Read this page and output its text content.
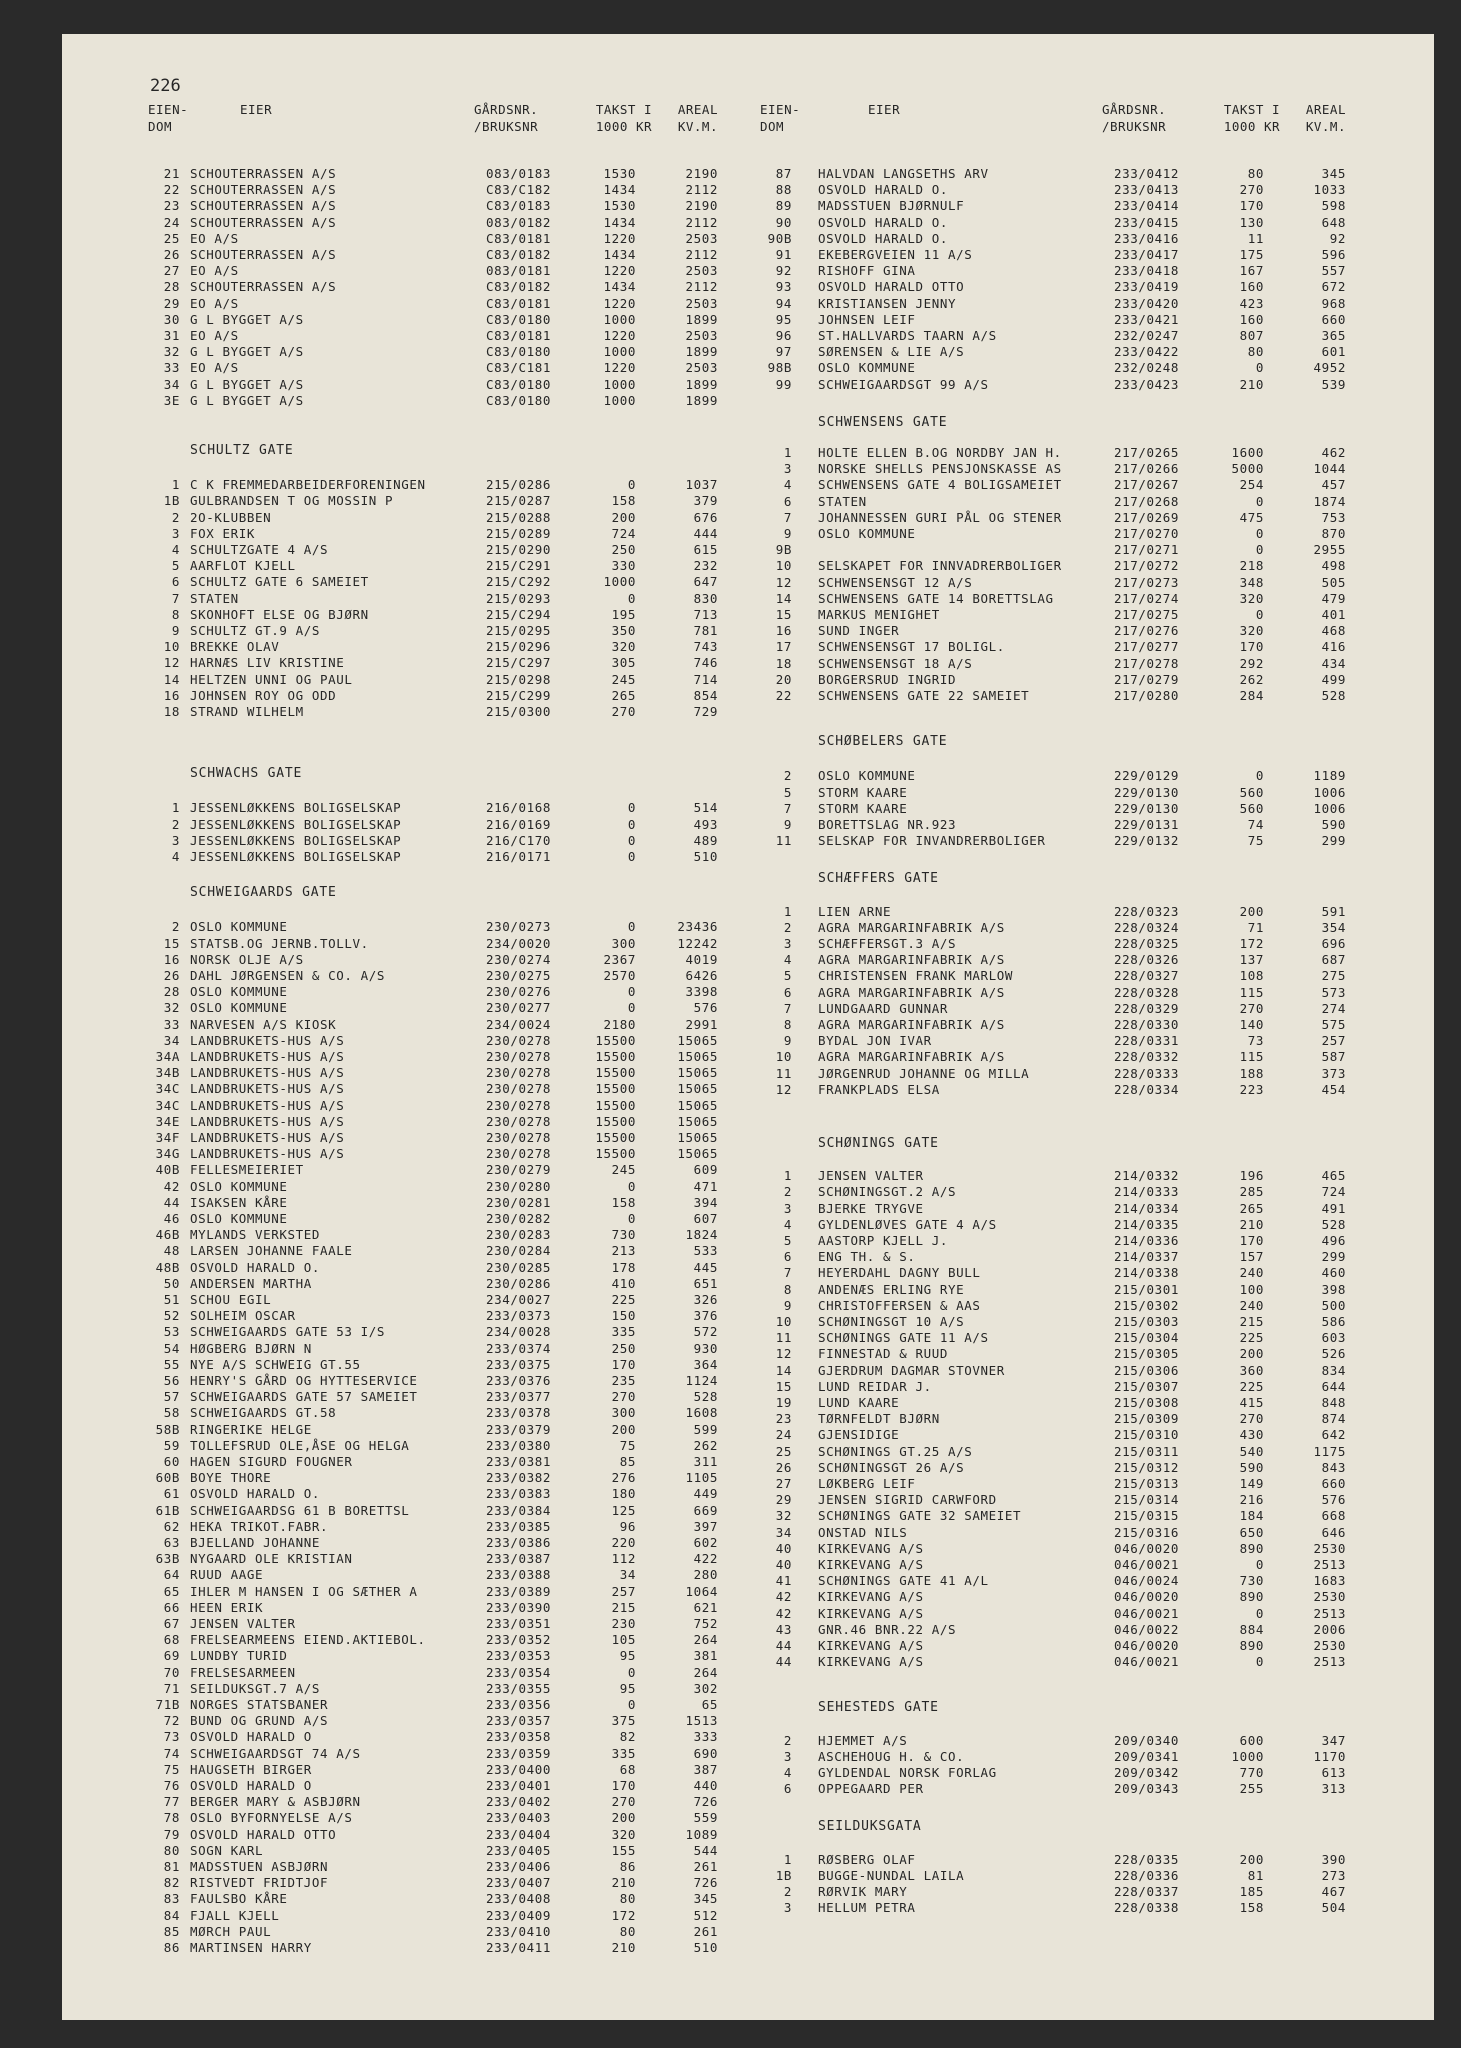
226
EIEN-
DOM
EIER	GÅRDSNR.
/BRUKSNR
TAKST I
1000 KR
AREAL
KV.M.
EIEN-
DOM
EIER	GÅRDSNR.
/BRUKSNR
TAKST I
1000 KR
AREAL
KV.M.
21 SCHOUTERRASSEN A/S	083/0183	1530	2190
22 SCHOUTERRASSEN A/S	C83/C182	1434	2112
23 SCHOUTERRASSEN A/S	C83/0183	1530	2190
24 SCHOUTERRASSEN A/S	083/0182	1434	2112
25 EO A/S	C83/0181	1220	2503
26 SCHOUTERRASSEN A/S	C83/0182	1434	2112
27 EO A/S	083/0181	1220	2503
28 SCHOUTERRASSEN A/S	C83/0182	1434	2112
29 EO A/S	C83/0181	1220	2503
30 G L BYGGET A/S	C83/0180	1000	1899
31 EO A/S	C83/0181	1220	2503
32 G L BYGGET A/S	C83/0180	1000	1899
33 EO A/S	C83/C181	1220	2503
34 G L BYGGET A/S	C83/0180	1000	1899
3E G L BYGGET A/S	C83/0180	1000	1899
SCHULTZ GATE
1 C K FREMMEDARBEIDERFORENINGEN	215/0286	0	1037
1B GULBRANDSEN T OG MOSSIN P	215/0287	158	379
2 2O-KLUBBEN	215/0288	200	676
3 FOX ERIK	215/0289	724	444
4 SCHULTZGATE 4 A/S	215/0290	250	615
5 AARFLOT KJELL	215/C291	330	232
6 SCHULTZ GATE 6 SAMEIET	215/C292	1000	647
7 STATEN	215/0293	0	830
8 SKONHOFT ELSE OG BJØRN	215/C294	195	713
9 SCHULTZ GT.9 A/S	215/0295	350	781
10 BREKKE OLAV	215/0296	320	743
12 HARNÆS LIV KRISTINE	215/C297	305	746
14 HELTZEN UNNI OG PAUL	215/0298	245	714
16 JOHNSEN ROY OG ODD	215/C299	265	854
18 STRAND WILHELM	215/0300	270	729
SCHWACHS GATE
1 JESSENLØKKENS BOLIGSELSKAP	216/0168	0	514
2 JESSENLØKKENS BOLIGSELSKAP	216/0169	0	493
3 JESSENLØKKENS BOLIGSELSKAP	216/C170	0	489
4 JESSENLØKKENS BOLIGSELSKAP	216/0171	0	510
SCHWEIGAARDS GATE
2 OSLO KOMMUNE	230/0273	0	23436
15 STATSB.OG JERNB.TOLLV.	234/0020	300	12242
16 NORSK OLJE A/S	230/0274	2367	4019
26 DAHL JØRGENSEN & CO. A/S	230/0275	2570	6426
28 OSLO KOMMUNE	230/0276	0	3398
32 OSLO KOMMUNE	230/0277	0	576
33 NARVESEN A/S KIOSK	234/0024	2180	2991
34 LANDBRUKETS-HUS A/S	230/0278	15500	15065
34A LANDBRUKETS-HUS A/S	230/0278	15500	15065
34B LANDBRUKETS-HUS A/S	230/0278	15500	15065
34C LANDBRUKETS-HUS A/S	230/0278	15500	15065
34C LANDBRUKETS-HUS A/S	230/0278	15500	15065
34E LANDBRUKETS-HUS A/S	230/0278	15500	15065
34F LANDBRUKETS-HUS A/S	230/0278	15500	15065
34G LANDBRUKETS-HUS A/S	230/0278	15500	15065
40B FELLESMEIERIET	230/0279	245	609
42 OSLO KOMMUNE	230/0280	0	471
44 ISAKSEN KÅRE	230/0281	158	394
46 OSLO KOMMUNE	230/0282	0	607
46B MYLANDS VERKSTED	230/0283	730	1824
48 LARSEN JOHANNE FAALE	230/0284	213	533
48B OSVOLD HARALD O.	230/0285	178	445
50 ANDERSEN MARTHA	230/0286	410	651
51 SCHOU EGIL	234/0027	225	326
52 SOLHEIM OSCAR	233/0373	150	376
53 SCHWEIGAARDS GATE 53 I/S	234/0028	335	572
54 HØGBERG BJØRN N	233/0374	250	930
55 NYE A/S SCHWEIG GT.55	233/0375	170	364
56 HENRY'S GÅRD OG HYTTESERVICE	233/0376	235	1124
57 SCHWEIGAARDS GATE 57 SAMEIET	233/0377	270	528
58 SCHWEIGAARDS GT.58	233/0378	300	1608
58B RINGERIKE HELGE	233/0379	200	599
59 TOLLEFSRUD OLE,ÅSE OG HELGA	233/0380	75	262
60 HAGEN SIGURD FOUGNER	233/0381	85	311
60B BOYE THORE	233/0382	276	1105
61 OSVOLD HARALD O.	233/0383	180	449
61B SCHWEIGAARDSG 61 B BORETTSL	233/0384	125	669
62 HEKA TRIKOT.FABR.	233/0385	96	397
63 BJELLAND JOHANNE	233/0386	220	602
63B NYGAARD OLE KRISTIAN	233/0387	112	422
64 RUUD AAGE	233/0388	34	280
65 IHLER M HANSEN I OG SÆTHER A	233/0389	257	1064
66 HEEN ERIK	233/0390	215	621
67 JENSEN VALTER	233/0351	230	752
68 FRELSEARMEENS EIEND.AKTIEBOL.	233/0352	105	264
69 LUNDBY TURID	233/0353	95	381
70 FRELSESARMEEN	233/0354	0	264
71 SEILDUKSGT.7 A/S	233/0355	95	302
71B NORGES STATSBANER	233/0356	0	65
72 BUND OG GRUND A/S	233/0357	375	1513
73 OSVOLD HARALD O	233/0358	82	333
74 SCHWEIGAARDSGT 74 A/S	233/0359	335	690
75 HAUGSETH BIRGER	233/0400	68	387
76 OSVOLD HARALD O	233/0401	170	440
77 BERGER MARY & ASBJØRN	233/0402	270	726
78 OSLO BYFORNYELSE A/S	233/0403	200	559
79 OSVOLD HARALD OTTO	233/0404	320	1089
80 SOGN KARL	233/0405	155	544
81 MADSSTUEN ASBJØRN	233/0406	86	261
82 RISTVEDT FRIDTJOF	233/0407	210	726
83 FAULSBO KÅRE	233/0408	80	345
84 FJALL KJELL	233/0409	172	512
85 MØRCH PAUL	233/0410	80	261
86 MARTINSEN HARRY	233/0411	210	510
87 HALVDAN LANGSETHS ARV	233/0412	80	345
88 OSVOLD HARALD O.	233/0413	270	1033
89 MADSSTUEN BJØRNULF	233/0414	170	598
90 OSVOLD HARALD O.	233/0415	130	648
90B OSVOLD HARALD O.	233/0416	11	92
91 EKEBERGVEIEN 11 A/S	233/0417	175	596
92 RISHOFF GINA	233/0418	167	557
93 OSVOLD HARALD OTTO	233/0419	160	672
94 KRISTIANSEN JENNY	233/0420	423	968
95 JOHNSEN LEIF	233/0421	160	660
96 ST.HALLVARDS TAARN A/S	232/0247	807	365
97 SØRENSEN & LIE A/S	233/0422	80	601
98B OSLO KOMMUNE	232/0248	0	4952
99 SCHWEIGAARDSGT 99 A/S	233/0423	210	539
SCHWENSENS GATE
1 HOLTE ELLEN B.OG NORDBY JAN H.	217/0265	1600	462
3 NORSKE SHELLS PENSJONSKASSE AS	217/0266	5000	1044
4 SCHWENSENS GATE 4 BOLIGSAMEIET	217/0267	254	457
6 STATEN	217/0268	0	1874
7 JOHANNESSEN GURI PÅL OG STENER	217/0269	475	753
9 OSLO KOMMUNE	217/0270	0	870
9B	217/0271	0	2955
10 SELSKAPET FOR INNVADRERBOLIGER	217/0272	218	498
12 SCHWENSENSGT 12 A/S	217/0273	348	505
14 SCHWENSENS GATE 14 BORETTSLAG	217/0274	320	479
15 MARKUS MENIGHET	217/0275	0	401
16 SUND INGER	217/0276	320	468
17 SCHWENSENSGT 17 BOLIGL.	217/0277	170	416
18 SCHWENSENSGT 18 A/S	217/0278	292	434
20 BORGERSRUD INGRID	217/0279	262	499
22 SCHWENSENS GATE 22 SAMEIET	217/0280	284	528
SCHØBELERS GATE
2 OSLO KOMMUNE	229/0129	0	1189
5 STORM KAARE	229/0130	560	1006
7 STORM KAARE	229/0130	560	1006
9 BORETTSLAG NR.923	229/0131	74	590
11 SELSKAP FOR INVANDRERBOLIGER	229/0132	75	299
SCHÆFFERS GATE
1 LIEN ARNE	228/0323	200	591
2 AGRA MARGARINFABRIK A/S	228/0324	71	354
3 SCHÆFFERSGT.3 A/S	228/0325	172	696
4 AGRA MARGARINFABRIK A/S	228/0326	137	687
5 CHRISTENSEN FRANK MARLOW	228/0327	108	275
6 AGRA MARGARINFABRIK A/S	228/0328	115	573
7 LUNDGAARD GUNNAR	228/0329	270	274
8 AGRA MARGARINFABRIK A/S	228/0330	140	575
9 BYDAL JON IVAR	228/0331	73	257
10 AGRA MARGARINFABRIK A/S	228/0332	115	587
11 JØRGENRUD JOHANNE OG MILLA	228/0333	188	373
12 FRANKPLADS ELSA	228/0334	223	454
SCHØNINGS GATE
1 JENSEN VALTER	214/0332	196	465
2 SCHØNINGSGT.2 A/S	214/0333	285	724
3 BJERKE TRYGVE	214/0334	265	491
4 GYLDENLØVES GATE 4 A/S	214/0335	210	528
5 AASTORP KJELL J.	214/0336	170	496
6 ENG TH. & S.	214/0337	157	299
7 HEYERDAHL DAGNY BULL	214/0338	240	460
8 ANDENÆS ERLING RYE	215/0301	100	398
9 CHRISTOFFERSEN & AAS	215/0302	240	500
10 SCHØNINGSGT 10 A/S	215/0303	215	586
11 SCHØNINGS GATE 11 A/S	215/0304	225	603
12 FINNESTAD & RUUD	215/0305	200	526
14 GJERDRUM DAGMAR STOVNER	215/0306	360	834
15 LUND REIDAR J.	215/0307	225	644
19 LUND KAARE	215/0308	415	848
23 TØRNFELDT BJØRN	215/0309	270	874
24 GJENSIDIGE	215/0310	430	642
25 SCHØNINGS GT.25 A/S	215/0311	540	1175
26 SCHØNINGSGT 26 A/S	215/0312	590	843
27 LØKBERG LEIF	215/0313	149	660
29 JENSEN SIGRID CARWFORD	215/0314	216	576
32 SCHØNINGS GATE 32 SAMEIET	215/0315	184	668
34 ONSTAD NILS	215/0316	650	646
40 KIRKEVANG A/S	046/0020	890	2530
40 KIRKEVANG A/S	046/0021	0	2513
41 SCHØNINGS GATE 41 A/L	046/0024	730	1683
42 KIRKEVANG A/S	046/0020	890	2530
42 KIRKEVANG A/S	046/0021	0	2513
43 GNR.46 BNR.22 A/S	046/0022	884	2006
44 KIRKEVANG A/S	046/0020	890	2530
44 KIRKEVANG A/S	046/0021	0	2513
SEHESTEDS GATE
2 HJEMMET A/S	209/0340	600	347
3 ASCHEHOUG H. & CO.	209/0341	1000	1170
4 GYLDENDAL NORSK FORLAG	209/0342	770	613
6 OPPEGAARD PER	209/0343	255	313
SEILDUKSGATA
1 RØSBERG OLAF	228/0335	200	390
1B BUGGE-NUNDAL LAILA	228/0336	81	273
2 RØRVIK MARY	228/0337	185	467
3 HELLUM PETRA	228/0338	158	504
